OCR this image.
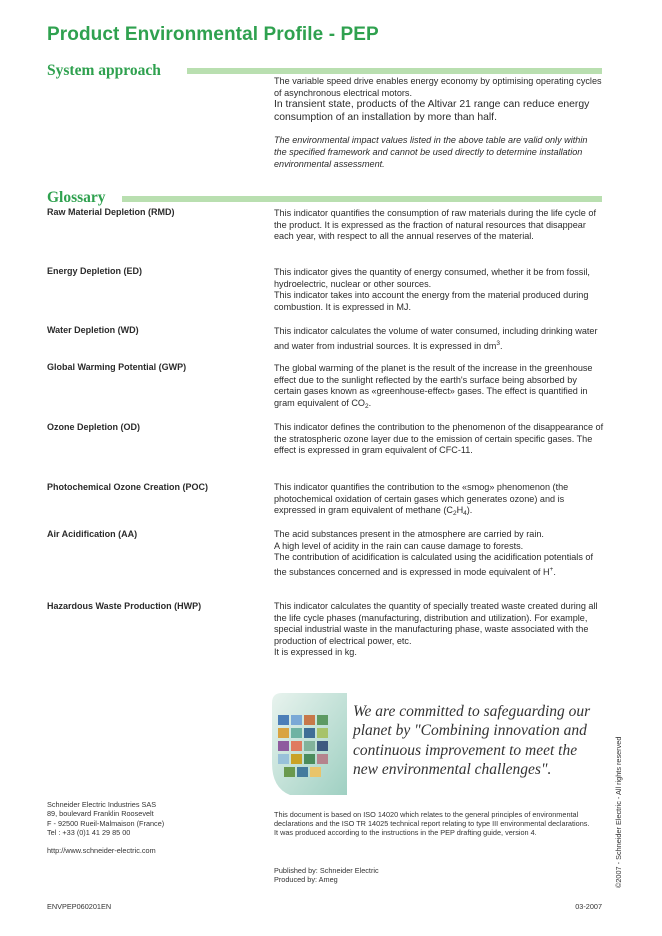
Product Environmental Profile - PEP
System approach

The variable speed drive enables energy economy by optimising operating cycles of asynchronous electrical motors.

In transient state, products of the Altivar 21 range can reduce energy consumption of an installation by more than half.

The environmental impact values listed in the above table are valid only within the specified framework and cannot be used directly to determine installation environmental assessment.

Glossary
Raw Material Depletion (RMD)	This indicator quantifies the consumption of raw materials during the life cycle of the product. It is expressed as the fraction of natural resources that disappear each year, with respect to all the annual reserves of the material.

Energy Depletion (ED)	This indicator gives the quantity of energy consumed, whether it be from fossil, hydroelectric, nuclear or other sources.

This indicator takes into account the energy from the material produced during combustion. It is expressed in MJ.

Water Depletion (WD)	This indicator calculates the volume of water consumed, including drinking water and water from industrial sources. It is expressed in $dm^3$.

Global Warming Potential (GWP)	The global warming of the planet is the result of the increase in the greenhouse effect due to the sunlight reflected by the earth's surface being absorbed by certain gases known as «greenhouse-effect» gases. The effect is quantified in gram equivalent of $CO_2$.

Ozone Depletion (OD)	This indicator defines the contribution to the phenomenon of the disappearance of the stratospheric ozone layer due to the emission of certain specific gases. The effect is expressed in gram equivalent of CFC-11.

Photochemical Ozone Creation (POC)	This indicator quantifies the contribution to the «smog» phenomenon (the photochemical oxidation of certain gases which generates ozone) and is expressed in gram equivalent of methane $(C_2H_4)$.

Air Acidification (AA)	The acid substances present in the atmosphere are carried by rain.

A high level of acidity in the rain can cause damage to forests.

The contribution of acidification is calculated using the acidification potentials of the substances concerned and is expressed in mode equivalent of H+.

Hazardous Waste Production (HWP)	This indicator calculates the quantity of specially treated waste created during all the life cycle phases (manufacturing, distribution and utilization). For example, special industrial waste in the manufacturing phase, waste associated with the production of electrical power, etc.

It is expressed in kg.

We are committed to safeguarding our planet by "Combining innovation and continuous improvement to meet the new environmental challenges".
Schneider Electric Industries SAS
89, boulevard Franklin Roosevelt
F - 92500 Rueil-Malmaison (France)
Tel : +33 (0)1 41 29 85 00
http://www.schneider-electric.com

This document is based on ISO 14020 which relates to the general principles of environmental declarations and the ISO TR 14025 technical report relating to type III environmental declarations.

It was produced according to the instructions in the PEP drafting guide, version 4.

Published by: Schneider Electric
Produced by: Ameg	©2007 - Schneider Electric - All rights reserved
ENVPEP060201EN	03-2007
